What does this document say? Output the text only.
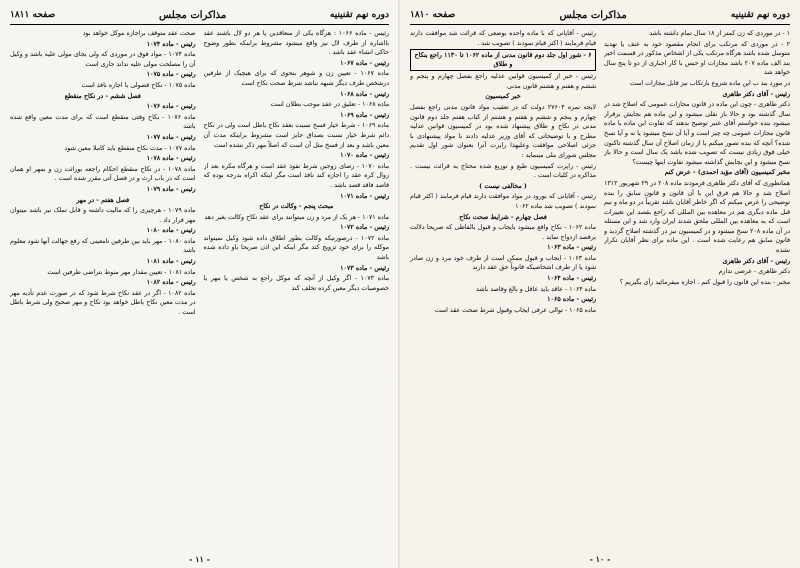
دوره نهم تقنینیه
مذاکرات مجلس
صفحه ۱۸۱۱

رئیس - ماده ۱۰۶۶ : هرگاه یکی از متعاقدین یا هر دو لال باشند عقد بااشاره از طرف لال نیز واقع میشود مشروط براینکه بطور وضوح حاکی انشاء عقد باشد .

رئیس - ماده ۱۰۶۷

ماده ۱۰۶۷ - تعیین زن و شوهر بنحوی که برای هیچیک از طرفین درشخص طرف دیگر شبهه نباشد شرط صحت نکاح است

رئیس - ماده ۱۰۶۸

ماده ۱۰۶۸ - تعلیق در عقد موجب بطلان است

رئیس - ماده ۱۰۶۹

ماده ۱۰۶۹ - شرط خیار فسخ نسبت بعقد نکاح باطل است ولی در نکاح دائم شرط خیار نسبت بصداق جایز است مشروط براینکه مدت آن معین باشد و بعد از فسخ مثل آن است که اصلاً مهر ذکر نشده است

رئیس - ماده ۱۰۷۰

ماده ۱۰۷۰ - رضای زوجین شرط نفوذ عقد است و هرگاه مکره بعد از زوال کره عقد را اجازه کند نافذ است مگر اینکه اکراه بدرجه بوده که قاصد فاقد قصد باشد .

رئیس - ماده ۱۰۷۱

مبحث پنجم - وکالت در نکاح

ماده ۱۰۷۱ - هر یک از مرد و زن میتوانند برای عقد نکاح وکالت بغیر دهد

رئیس - ماده ۱۰۷۲

ماده ۱۰۷۲ - درصورتیکه وکالت بطور اطلاق داده شود وکیل نمیتواند موکله را برای خود تزویج کند مگر اینکه این اذن صریحا باو داده شده باشد

رئیس - ماده ۱۰۷۳

ماده ۱۰۷۳ - اگر وکیل از آنچه که موکل راجع به شخص یا مهر یا خصوصیات دیگر معین کرده تخلف کند

صحت عقد متوقف براجازه موکل خواهد بود

رئیس - ماده ۱۰۷۴

ماده ۱۰۷۴ - مواد فوق در موردی که ولی بجای مولی علیه باشد و وکیل آن را مصلحت مولی علیه نداند جاری است

رئیس - ماده ۱۰۷۵

ماده ۱۰۷۵ - نکاح فضولی با اجازه نافذ است

فصل ششم - در نکاح منقطع

رئیس - ماده ۱۰۷۶

ماده ۱۰۷۶ - نکاح وقتی منقطع است که برای مدت معین واقع شده باشد

رئیس - ماده ۱۰۷۷

ماده ۱۰۷۷ - مدت نکاح منقطع باید کاملا معین شود

رئیس - ماده ۱۰۷۸

ماده ۱۰۷۸ - در نکاح منقطع احکام راجعه بوراثت زن و بمهر او همان است که در باب ارث و در فصل آتی مقرر شده است .

رئیس - ماده ۱۰۷۹

فصل هفتم - در مهر

ماده ۱۰۷۹ - هرچیزی را که مالیت داشته و قابل تملک نیز باشد میتوان مهر قرار داد .

رئیس - ماده ۱۰۸۰

ماده ۱۰۸۰ - مهر باید بین طرفین تامعینی که رفع جهالت آنها شود معلوم باشد

رئیس - ماده ۱۰۸۱

ماده ۱۰۸۱ - تعیین مقدار مهر منوط بتراضی طرفین است

رئیس - ماده ۱۰۸۲

ماده ۱۰۸۲ - اگر در عقد نکاح شرط شود که در صورت عدم تأدیه مهر در مدت معین نکاح باطل خواهد بود نکاح و مهر صحیح ولی شرط باطل است .

- ۱۱ -
دوره نهم تقنینیه
مذاکرات مجلس
صفحه ۱۸۱۰

۱ - در موردی که زن کمتر از ۱۸ سال تمام داشته باشد

۲ - در موردی که مرتکب برای انجام مقصود خود به عنف یا تهدید متوسل شده باشد هرگاه مرتکب یکی از اشخاص مذکور در قسمت اخیر بند الف ماده ۲۰۷ باشد مجازات او حبس با کار اجباری از دو تا پنج سال خواهد شد

در مورد بند ب این ماده شروع بارتکاب نیز قابل مجازات است

رئیس - آقای دکتر طاهری

دکتر طاهری - چون این ماده در قانون مجازات عمومی که اصلاح شد در سال گذشته بود و حالا باز نقلی میشود و این ماده هم بجایش برقرار میشود بنده خواستم آقای عنبر توضیح بدهند که تفاوت این ماده با ماده قانون مجازات عمومی چه چیز است و آیا آن نسخ میشود یا نه و آیا نسخ شده؟ آنچه که بنده تصور میکنم یا از زمان اصلاح آن سال گذشته تاکنون خیلی فوق زیادی نیست که تصویب شده باشد یک سال است و حالا باز نسخ میشود و این بجایش گذاشته میشود تفاوت اینها چیست؟

مخبر کمیسیون (آقای مؤید احمدی) - عرض کنم

همانطوری که آقای دکتر طاهری فرمودند ماده ۲۰۸ در ۲۹ شهریور ۱۳۱۲ اصلاح شد و حالا هم فرق این با آن قانون و قانون سابق را بنده توضیحی را عرض میکنم که اگر خاطر آقایان باشد تقریباً در دو ماه و نیم قبل ماده دیگری هم در معاهده بین المللی که راجع بقصد این تغییرات است که به معاهده بین المللی ملحق شدند ایران وارد شد و این مسئله در آن ماده ۲۰۸ نسخ میشود و در کمیسیون نیز در گذشته اصلاح گردید و قانون سابق هم رعایت شده است . این ماده برای نظر آقایان تکرار نشده

رئیس - آقای دکتر طاهری

دکتر طاهری - عرضی ندارم

مخبر - بنده این قانون را قبول کنم . اجازه میفرمائید رأی بگیریم ؟

رئیس - آقایانی که با ماده واحده بوضعی که قرائت شد موافقت دارند قیام فرمایند ( اکثر قیام نمودند ) تصویب شد .

۶ - شور اول جلد دوم قانون مدنی از ماده ۱۰۶۲ تا ۱۱۳۰ راجع بنکاح و طلاق

رئیس - خبر از کمیسیون قوانین عدلیه راجع بفصل چهارم و پنجم و ششم و هفتم و هشتم قانون مدنی

خبر کمیسیون

لایحه نمره ۲۷۶۰۴ دولت که در تعقیب مواد قانون مدنی راجع بفصل چهارم و پنجم و ششم و هفتم و هشتم از کتاب هفتم جلد دوم قانون مدنی در نکاح و طلاق پیشنهاد شده بود در کمیسیون قوانین عدلیه مطرح و با توضیحاتی که آقای وزیر عدلیه دادند با مواد پیشنهادی با جزئی اصلاحی موافقت وعلیهذا راپرت آنرا بعنوان شور اول تقدیم مجلس شورای ملی مینماید :

رئیس - راپرت کمیسیون طبع و توزیع شده محتاج به قرائت نیست . مذاکره در کلیات است .

( مخالفی نیست )

رئیس - آقایانی که بورود در مواد موافقت دارند قیام فرمایند ( اکثر قیام نمودند ) تصویب شد ماده ۱۰۶۲

فصل چهارم - شرایط صحت نکاح

ماده ۱۰۶۲ - نکاح واقع میشود بایجاب و قبول بالفاظی که صریحا دلالت برقصد ازدواج نماید .

رئیس - ماده ۱۰۶۳

ماده ۱۰۶۳ - ایجاب و قبول ممکن است از طرف خود مرد و زن صادر شود یا از طرف اشخاصیکه قانوناً حق عقد دارند

رئیس - ماده ۱۰۶۴

ماده ۱۰۶۴ - عاقد باید عاقل و بالغ وقاصد باشد

رئیس - ماده ۱۰۶۵

ماده ۱۰۶۵ - توالی عرفی ایجاب وقبول شرط صحت عقد است

- ۱۰ -
